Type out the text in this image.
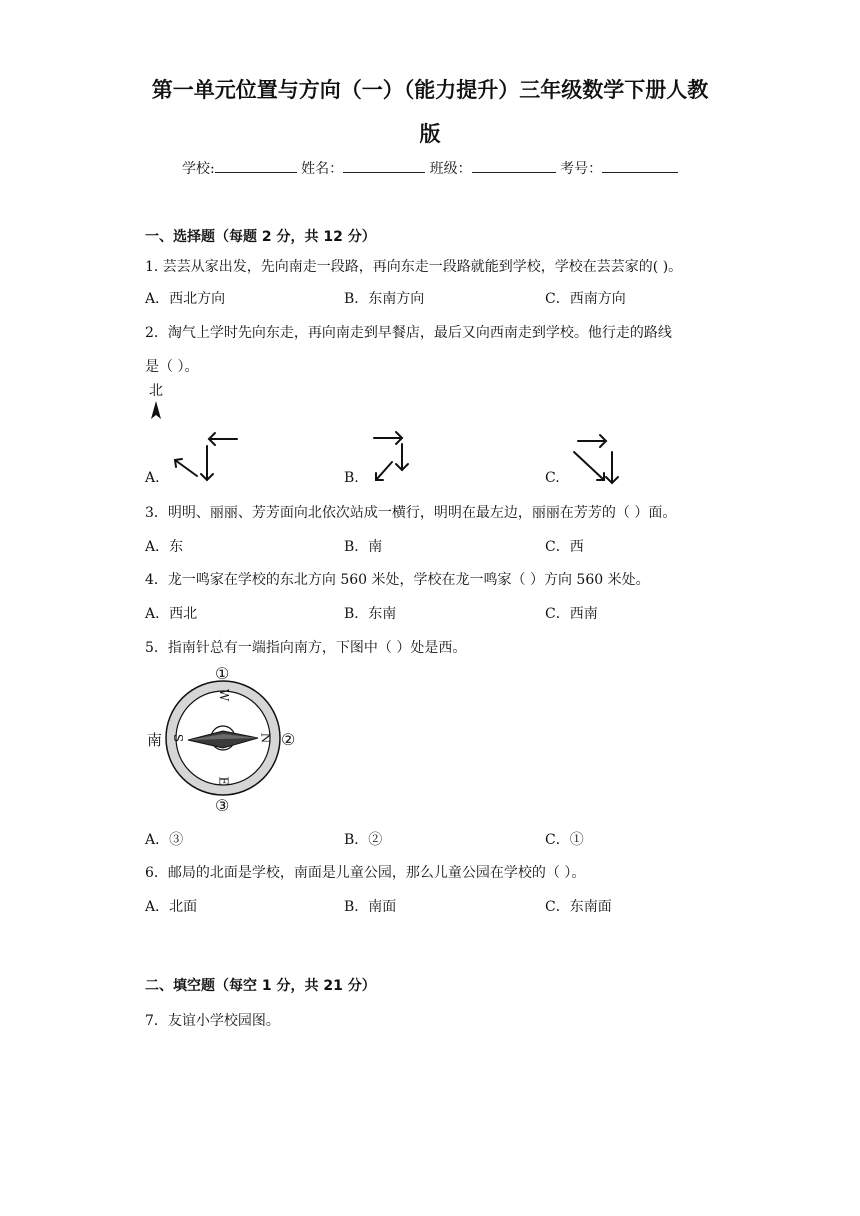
第一单元位置与方向（一）（能力提升）三年级数学下册人教
版
学校:	姓名：	班级：	考号：
一、选择题（每题 2 分，共 12 分）
1. 芸芸从家出发，先向南走一段路，再向东走一段路就能到学校，学校在芸芸家的( )。
A．西北方向	B．东南方向	C．西南方向
2．淘气上学时先向东走，再向南走到早餐店，最后又向西南走到学校。他行走的路线
是（ ）。
北
A.	B.	C.
3．明明、丽丽、芳芳面向北依次站成一横行，明明在最左边，丽丽在芳芳的（ ）面。
A．东	B．南	C．西
4．龙一鸣家在学校的东北方向 560 米处，学校在龙一鸣家（ ）方向 560 米处。
A．西北	B．东南	C．西南
5．指南针总有一端指向南方，下图中（ ）处是西。
①
②
③
南
W
N
E
S
A．③	B．②	C．①
6．邮局的北面是学校，南面是儿童公园，那么儿童公园在学校的（ ）。
A．北面	B．南面	C．东南面
二、填空题（每空 1 分，共 21 分）
7．友谊小学校园图。
